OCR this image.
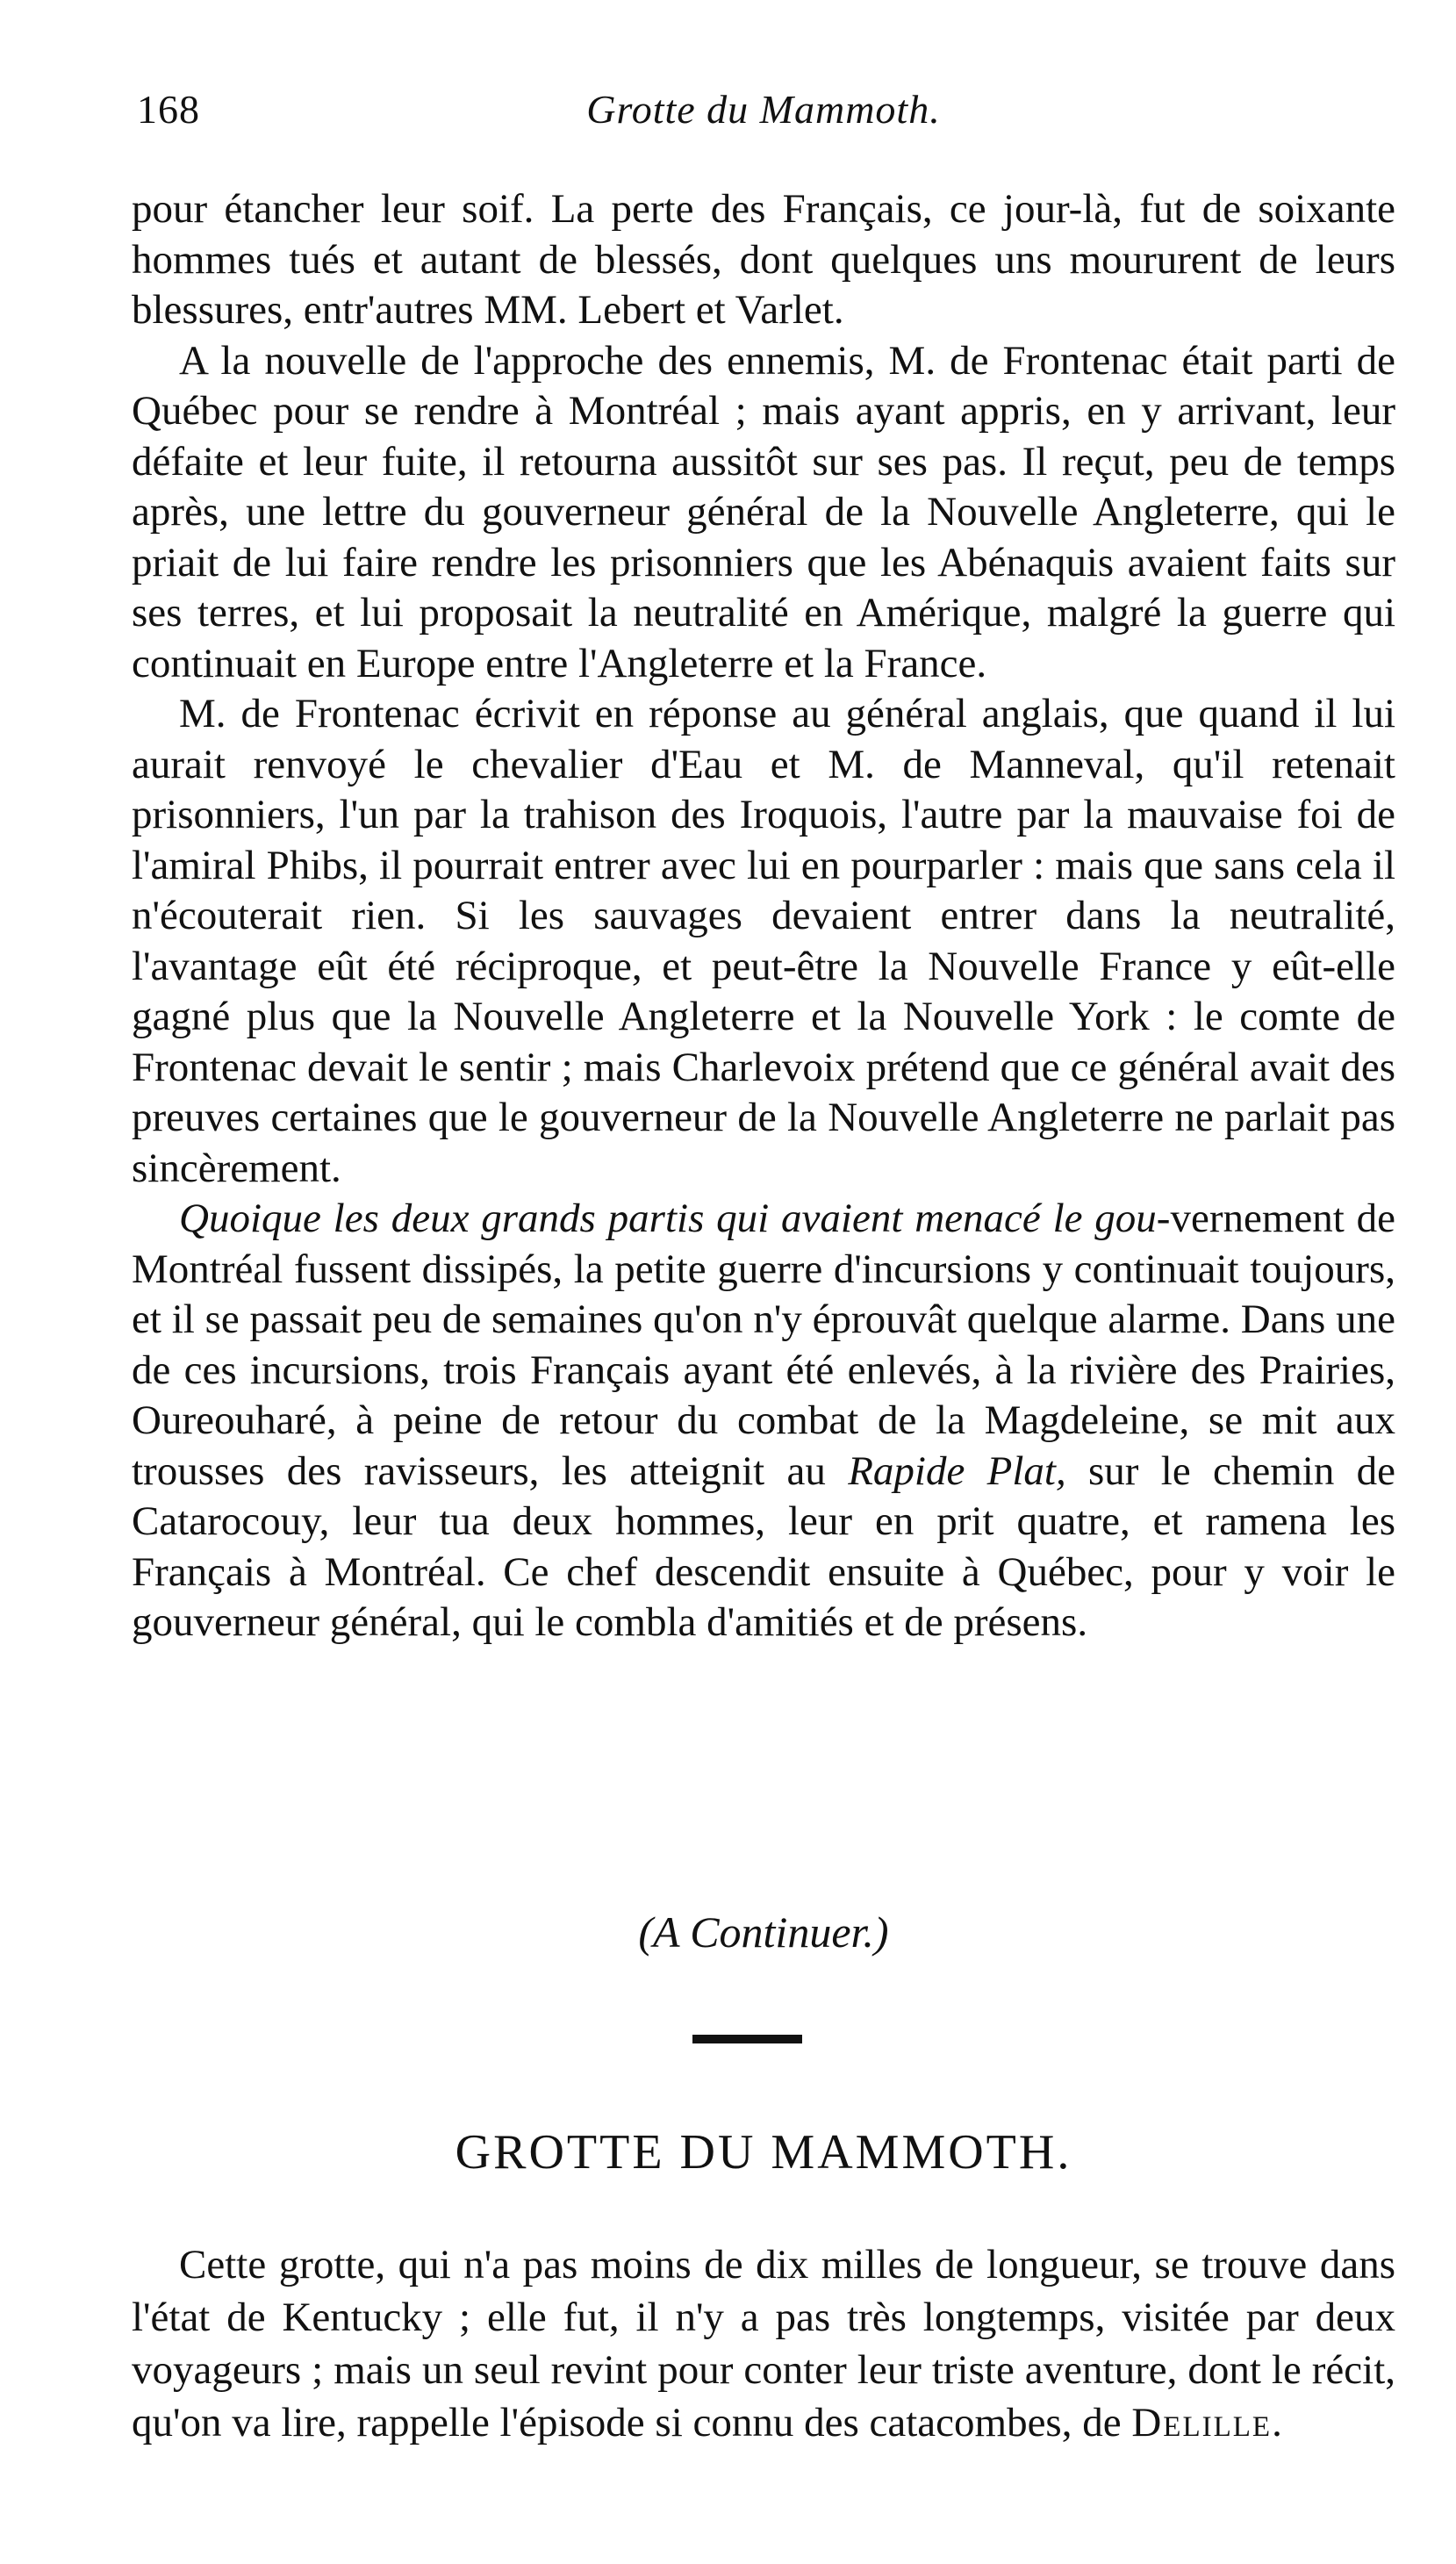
168	Grotte du Mammoth.

pour étancher leur soif. La perte des Français, ce jour-là, fut de soixante hommes tués et autant de blessés, dont quelques uns moururent de leurs blessures, entr'autres MM. Lebert et Varlet.

A la nouvelle de l'approche des ennemis, M. de Frontenac était parti de Québec pour se rendre à Montréal ; mais ayant appris, en y arrivant, leur défaite et leur fuite, il retourna aussitôt sur ses pas. Il reçut, peu de temps après, une lettre du gouverneur général de la Nouvelle Angleterre, qui le priait de lui faire rendre les prisonniers que les Abénaquis avaient faits sur ses terres, et lui proposait la neutralité en Amérique, malgré la guerre qui continuait en Europe entre l'Angleterre et la France.

M. de Frontenac écrivit en réponse au général anglais, que quand il lui aurait renvoyé le chevalier d'Eau et M. de Manneval, qu'il retenait prisonniers, l'un par la trahison des Iroquois, l'autre par la mauvaise foi de l'amiral Phibs, il pourrait entrer avec lui en pourparler : mais que sans cela il n'écouterait rien. Si les sauvages devaient entrer dans la neutralité, l'avantage eût été réciproque, et peut-être la Nouvelle France y eût-elle gagné plus que la Nouvelle Angleterre et la Nouvelle York : le comte de Frontenac devait le sentir ; mais Charlevoix prétend que ce général avait des preuves certaines que le gouverneur de la Nouvelle Angleterre ne parlait pas sincèrement.

Quoique les deux grands partis qui avaient menacé le gou-vernement de Montréal fussent dissipés, la petite guerre d'incursions y continuait toujours, et il se passait peu de semaines qu'on n'y éprouvât quelque alarme. Dans une de ces incursions, trois Français ayant été enlevés, à la rivière des Prairies, Oureouharé, à peine de retour du combat de la Magdeleine, se mit aux trousses des ravisseurs, les atteignit au Rapide Plat, sur le chemin de Catarocouy, leur tua deux hommes, leur en prit quatre, et ramena les Français à Montréal. Ce chef descendit ensuite à Québec, pour y voir le gouverneur général, qui le combla d'amitiés et de présens.

(A Continuer.)
GROTTE DU MAMMOTH.

Cette grotte, qui n'a pas moins de dix milles de longueur, se trouve dans l'état de Kentucky ; elle fut, il n'y a pas très longtemps, visitée par deux voyageurs ; mais un seul revint pour conter leur triste aventure, dont le récit, qu'on va lire, rappelle l'épisode si connu des catacombes, de Delille.
